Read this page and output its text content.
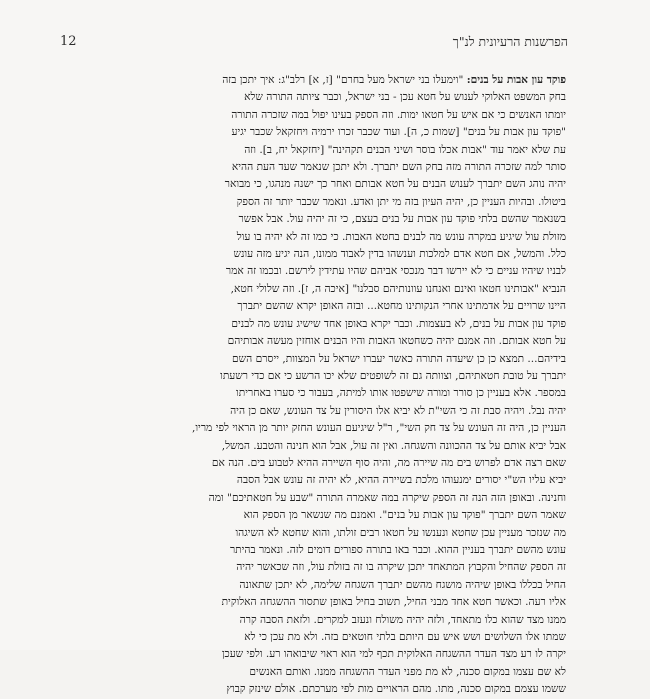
הפרשנות הרעיונית לנ"ך
12
פוקד עון אבות על בנים: "וימעלו בני ישראל מעל בחרם" [ז, א] רלב"ג: איך יתכן בזה
בחק המשפט האלוקי לענוש על חטא עכן - בני ישראל, וכבר ציותה התורה שלא
יומתו האנשים כי אם איש על חטאו ימות. וזה הספק בעינו יפול במה שזכרה התורה
"פוקד עון אבות על בנים" [שמות כ, ה]. ועוד שכבר זכרו ירמיה ויחזקאל שכבר יגיע
עת שלא יאמר עוד "אבות אכלו בוסר ושיני הבנים תקהינה" [יחזקאל יח, ב]. וזה
סותר למה שזכרה התורה מזה בחק השם יתברך. ולא יתכן שנאמר שעד העת ההיא
יהיה נוהג השם יתברך לענוש הבנים על חטא אבותם ואחר כך ישנה מנהגו, כי מבואר
ביטולו. ובהיות העניין כן, יהיה העיון בזה מי יתן ואדע. ונאמר שכבר יותר זה הספק
בשנאמר שהשם בלתי פוקד עון אבות על בנים בעצם, כי זה יהיה עול. אבל אפשר
מזולת עול שיגיע במקרה עונש מה לבנים בחטא האבות. כי כמו זה לא יהיה בו עול
כלל. והמשל, אם חטא אדם למלכות וענשהו בדין לאבוד ממונו, הנה יגיע מזה עונש
לבניו שיהיו עניים כי לא יירשו דבר מנכסי אביהם שהיו עתידין לירשם. ובכמו זה אמר
הנביא "אבותינו חטאו ואינם ואנחנו עוונותיהם סבלנו" [איכה ה, ז]. וזה שלולי חטא,
היינו שרויים על אדמתינו אחרי הנקותינו מחטא... ובזה האופן יקרא שהשם יתברך
פוקד עון אבות על בנים, לא בעצמות. וכבר יקרא באופן אחד שישיג עונש מה לבנים
על חטא אבותם. וזה אמנם יהיה כשחטאו האבות והיו הבנים אוחזין מעשה אבותיהם
בידיהם... תמצא כן כן שיעדה התורה כאשר יעברו ישראל על המצוות, ייסרם השם
יתברך על טובת חטאתיהם, וצוותה גם זה לשופטים שלא יכו הרשע כי אם כדי רשעתו
במספר. אלא בעניין כן סורר ומורה שישפטו אותו למיתה, בעבור כי סערו באחריתו
יהיה נבל. ויהיה סבת זה כי השי"ת לא יביא אלו היסורין על צד העונש, שאם כן היה
העניין כן, היה זה העונש על צד חק השי", ר"ל שיגיעם העונש החזק יותר מן הראוי לפי מריו,
אבל יביא אותם על צד ההכוונה והשגחה. ואין זה עול, אבל הוא חנינה והטבע. המשל,
שאם רצה אדם לפרוש בים מה שיירה מה, והיה סוף השיירה ההיא לטבוע בים. הנה אם
יביא עליו הש"י יסורים ימנעוהו מלכת בשיירה ההיא, לא יהיה זה עונש אבל הסבה
וחנינה. ובאופן הזה הנה זה הספק שיקרה במה שאמרה התורה "שבע על חטאתיכם" ומה
שאמר השם יתברך "פוקד עון אבות על בנים". ואמנם מה שנשאר מן הספק הוא
מה שנזכר מעניין עכן שחטא ונענשו על חטאו רבים זולתו, והוא שחטא לא השיגהו
עונש מהשם יתברך בעניין ההוא. וכבר באו בתורה ספורים דומים לזה. ונאמר בהיתר
זה הספק שהחיל והקבוץ המתאחד יתכן שיקרה בו זה בזולת עול, וזה שכאשר יהיה
החיל בכללו באופן שיהיה מושגח מהשם יתברך השגחה שלימה, לא יתכן שתאונה
אליו רעה. וכאשר חטא אחד מבני החיל, תשוב בחיל באופן שתסור ההשגחה האלוקית
ממנו מצד שהוא כלו מתאחד, ולזה יהיה משולח ונעזב למקרים. ולזאת הסבה קרה
שמתו אלו השלושים ושש איש עם היותם בלתי חוטאים בזה. ולא מת עכן כי לא
יקרה לו רע מצד העדר ההשגחה האלוקית תכף למי הוא ראוי שיבואהו רע. ולפי שעכן
לא שם עצמו במקום סכנה, לא מת מפני העדר ההשגחה ממנו. ואותם האנשים
ששמו עצמם במקום סכנה, מתו. מהם הראויים מות לפי מערכתם. אולם שינזק קבוץ
